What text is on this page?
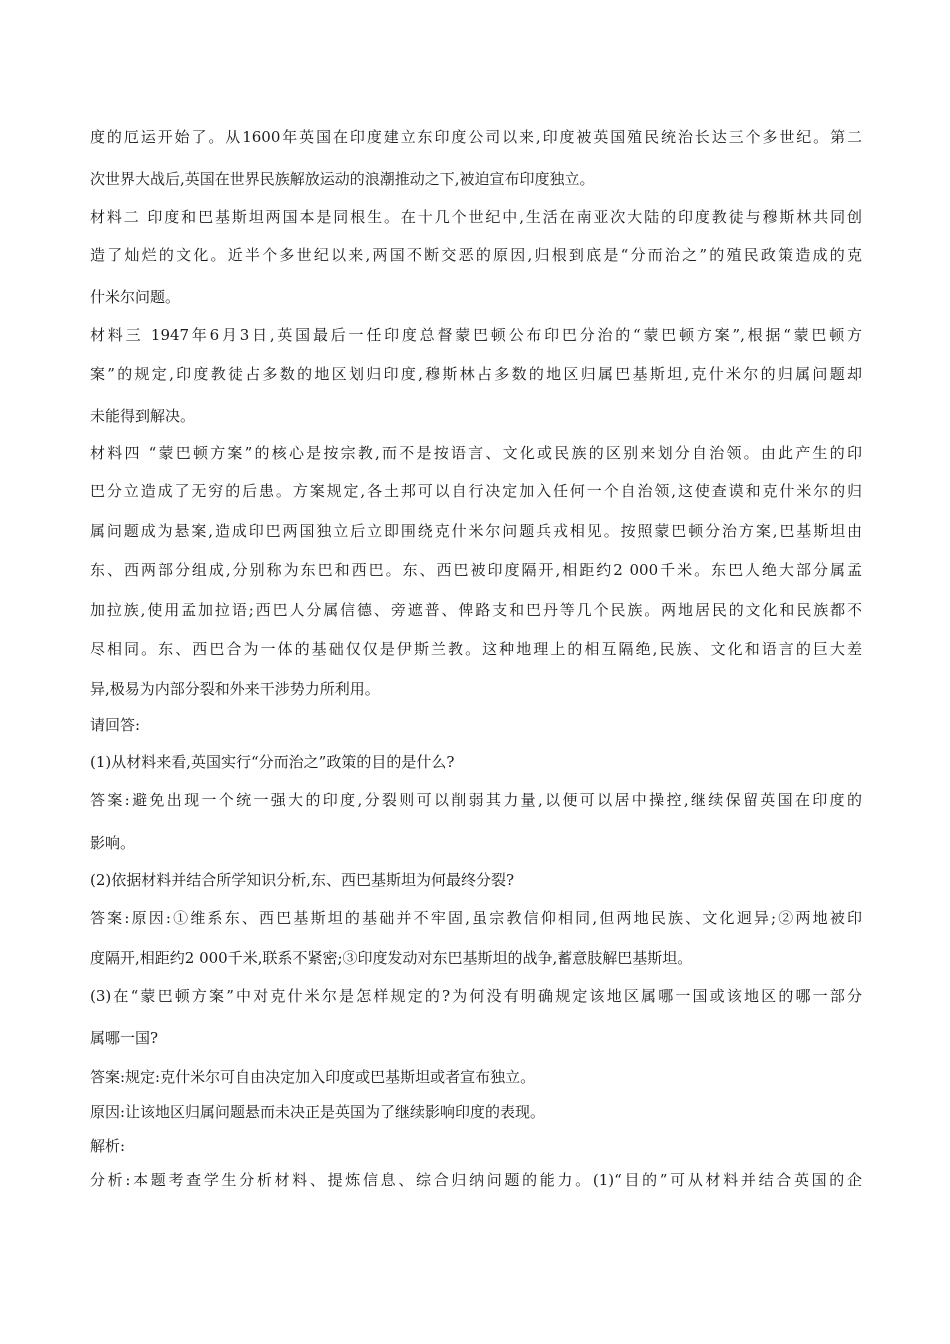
度的厄运开始了。从1600年英国在印度建立东印度公司以来,印度被英国殖民统治长达三个多世纪。第二
次世界大战后,英国在世界民族解放运动的浪潮推动之下,被迫宣布印度独立。
材料二 印度和巴基斯坦两国本是同根生。在十几个世纪中,生活在南亚次大陆的印度教徒与穆斯林共同创
造了灿烂的文化。近半个多世纪以来,两国不断交恶的原因,归根到底是“分而治之”的殖民政策造成的克
什米尔问题。
材料三 1947年6月3日,英国最后一任印度总督蒙巴顿公布印巴分治的“蒙巴顿方案”,根据“蒙巴顿方
案”的规定,印度教徒占多数的地区划归印度,穆斯林占多数的地区归属巴基斯坦,克什米尔的归属问题却
未能得到解决。
材料四 “蒙巴顿方案”的核心是按宗教,而不是按语言、文化或民族的区别来划分自治领。由此产生的印
巴分立造成了无穷的后患。方案规定,各土邦可以自行决定加入任何一个自治领,这使查谟和克什米尔的归
属问题成为悬案,造成印巴两国独立后立即围绕克什米尔问题兵戎相见。按照蒙巴顿分治方案,巴基斯坦由
东、西两部分组成,分别称为东巴和西巴。东、西巴被印度隔开,相距约2 000千米。东巴人绝大部分属孟
加拉族,使用孟加拉语;西巴人分属信德、旁遮普、俾路支和巴丹等几个民族。两地居民的文化和民族都不
尽相同。东、西巴合为一体的基础仅仅是伊斯兰教。这种地理上的相互隔绝,民族、文化和语言的巨大差
异,极易为内部分裂和外来干涉势力所利用。
请回答:
(1)从材料来看,英国实行“分而治之”政策的目的是什么?
答案:避免出现一个统一强大的印度,分裂则可以削弱其力量,以便可以居中操控,继续保留英国在印度的
影响。
(2)依据材料并结合所学知识分析,东、西巴基斯坦为何最终分裂?
答案:原因:①维系东、西巴基斯坦的基础并不牢固,虽宗教信仰相同,但两地民族、文化迥异;②两地被印
度隔开,相距约2 000千米,联系不紧密;③印度发动对东巴基斯坦的战争,蓄意肢解巴基斯坦。
(3)在“蒙巴顿方案”中对克什米尔是怎样规定的?为何没有明确规定该地区属哪一国或该地区的哪一部分
属哪一国?
答案:规定:克什米尔可自由决定加入印度或巴基斯坦或者宣布独立。
原因:让该地区归属问题悬而未决正是英国为了继续影响印度的表现。
解析:
分析:本题考查学生分析材料、提炼信息、综合归纳问题的能力。(1)“目的”可从材料并结合英国的企
